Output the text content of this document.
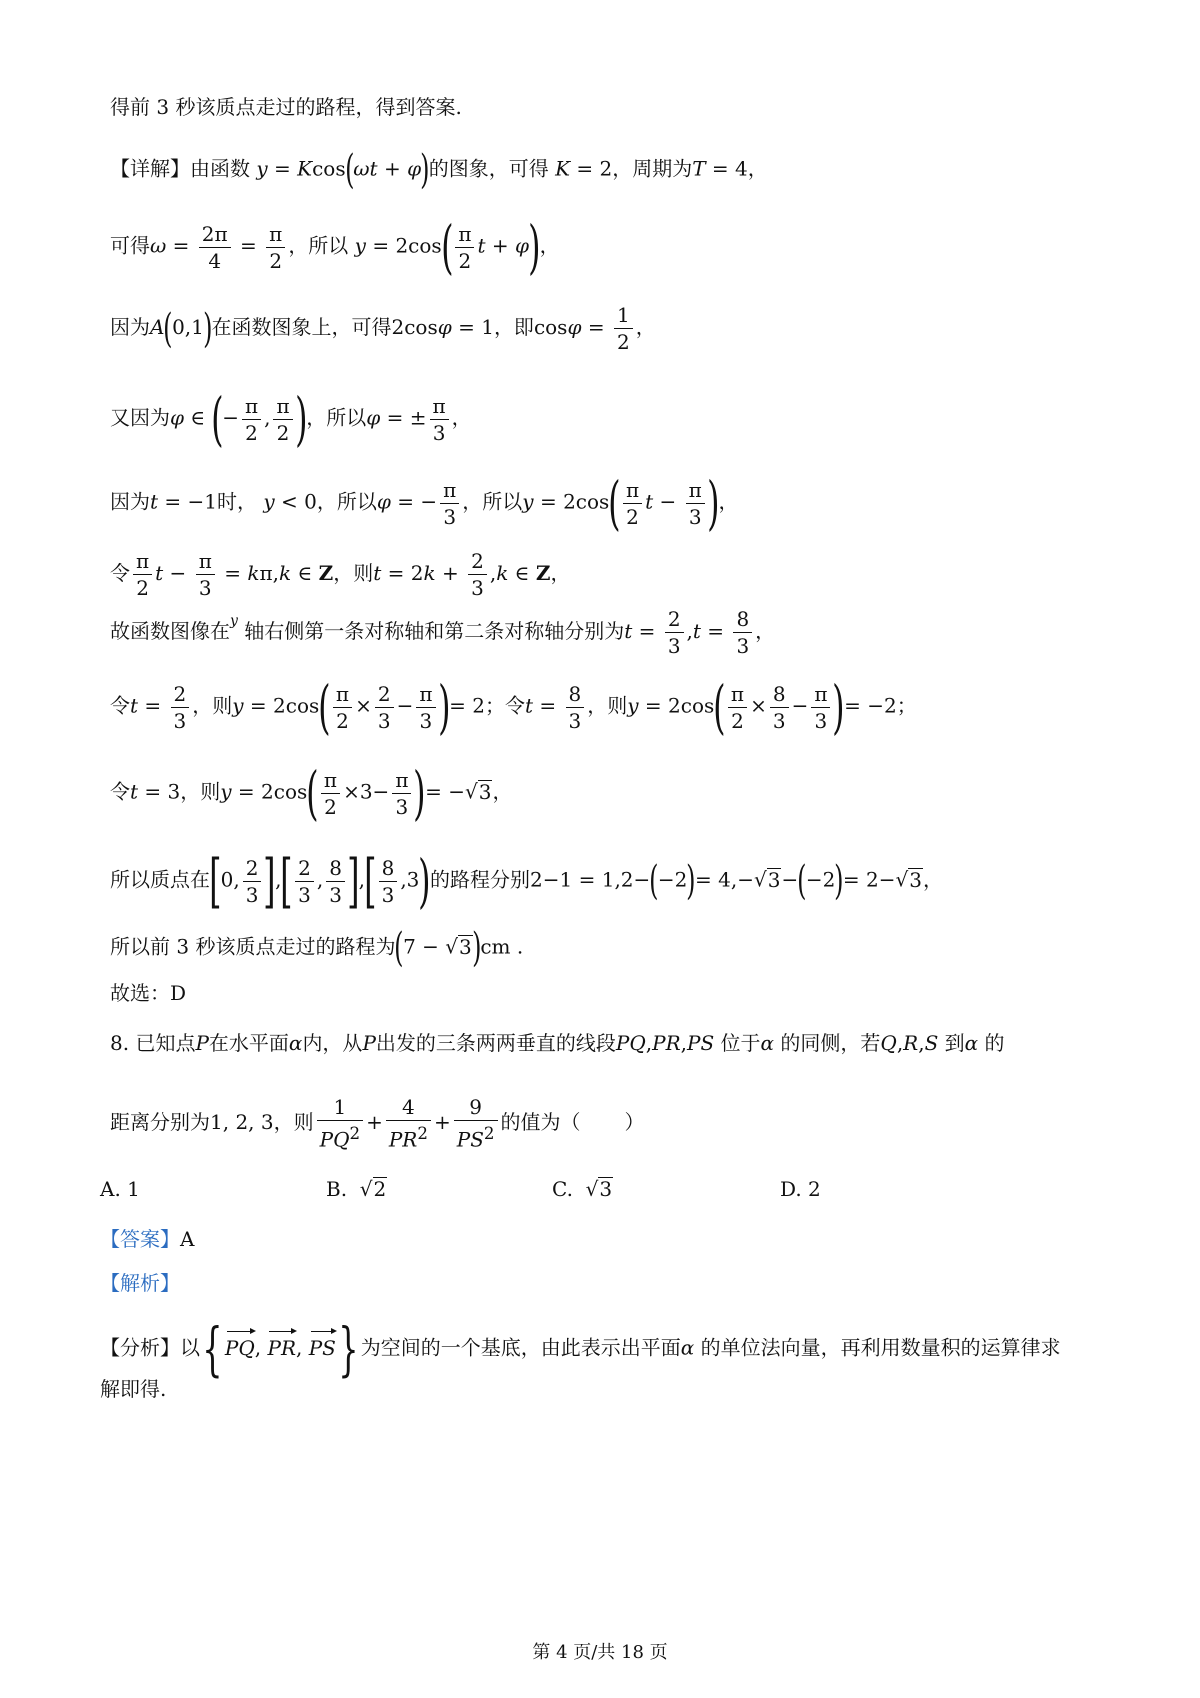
得前 3 秒该质点走过的路程，得到答案.
【详解】由函数 y = Kcos(ωt + φ)的图象，可得 K = 2，周期为T = 4，
可得$\omega = \frac{2\pi}{4} = \frac{\pi}{2}$ ，所以 $y = 2\cos( \frac{\pi}{2}$ t + φ)，
因为A(0,1)在函数图象上，可得2cosφ = 1，即$\cos\varphi = \frac{1}{2}$ ，
又因为φ ∈ (− $\frac{\pi}{2}$ , $\frac{\pi}{2}$ )，所以φ = ± $\frac{\pi}{3}$ ，
因为t = −1时， y < 0，所以φ = − $\frac{\pi}{3}$ ，所以$y = 2\cos( \frac{\pi}{2}$ $t - \frac{\pi}{3}$ )，
令 $\frac{\pi}{2}$ $t - \frac{\pi}{3} = k\pi,k$ ∈ Z，则$t = 2k + \frac{2}{3} ,k$ ∈ Z，
故函数图像在$^y$ 轴右侧第一条对称轴和第二条对称轴分别为$t = \frac{2}{3} ,t = \frac{8}{3}$ ，
令$t = \frac{2}{3}$ ，则$y = 2\cos( \frac{\pi}{2} \times \frac{2}{3} - \frac{\pi}{3}$ )= 2；令$t = \frac{8}{3}$ ，则$y = 2\cos( \frac{\pi}{2} \times \frac{8}{3} - \frac{\pi}{3}$ )= −2；
令t = 3，则$y = 2\cos( \frac{\pi}{2} \times 3- \frac{\pi}{3}$ )= −√3，
所以质点在[0, $\frac{2}{3}$ ],[ $\frac{2}{3}$ , $\frac{8}{3}$ ],[ $\frac{8}{3} ,3$)的路程分别2−1 = 1,2−(−2)= 4,−√3−(−2)= 2−√3，
所以前 3 秒该质点走过的路程为(7 − √3)cm .
故选：D
8. 已知点P在水平面α内，从P出发的三条两两垂直的线段PQ,PR,PS 位于α 的同侧，若Q,R,S 到α 的
距离分别为1, 2, 3，则 $\frac{1}{PQ^2} + \frac{4}{PR^2} + \frac{9}{PS^2}$ 的值为（ ）
A. 1	B.  √2	C.  √3	D. 2
【答案】A
【解析】
【分析】以{ PQ, PR, PS} 为空间的一个基底，由此表示出平面α 的单位法向量，再利用数量积的运算律求
解即得.
第 4 页/共 18 页
